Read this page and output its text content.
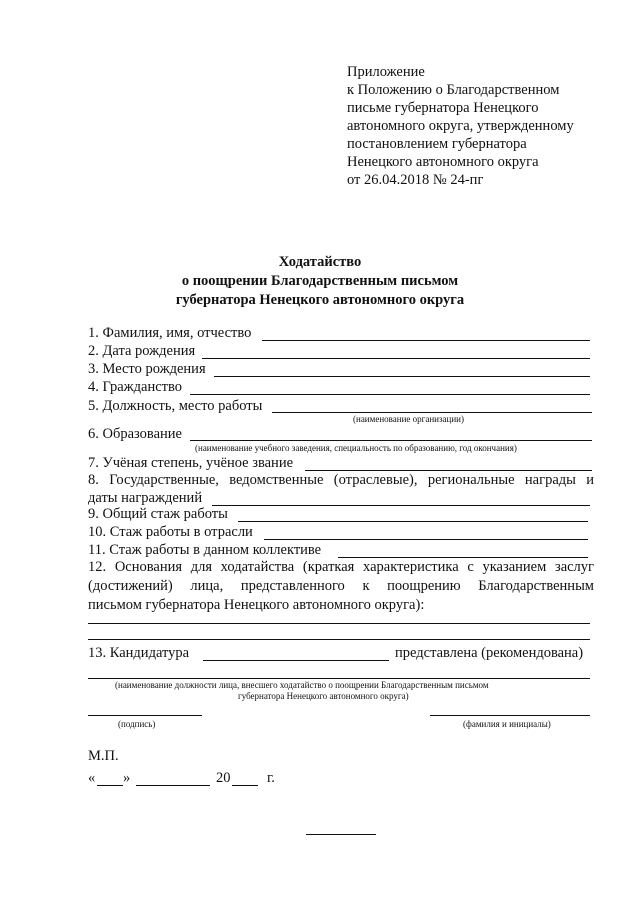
Приложение
к Положению о Благодарственном
письме губернатора Ненецкого
автономного округа, утвержденному
постановлением губернатора
Ненецкого автономного округа
от 26.04.2018 № 24-пг
Ходатайство
о поощрении Благодарственным письмом
губернатора Ненецкого автономного округа
1. Фамилия, имя, отчество
2. Дата рождения
3. Место рождения
4. Гражданство
5. Должность, место работы
(наименование организации)
6. Образование
(наименование учебного заведения, специальность по образованию, год окончания)
7. Учёная степень, учёное звание
8. Государственные, ведомственные (отраслевые), региональные награды и
даты награждений
9. Общий стаж работы
10. Стаж работы в отрасли
11. Стаж работы в данном коллективе
12. Основания для ходатайства (краткая характеристика с указанием заслуг
(достижений) лица, представленного к поощрению Благодарственным
письмом губернатора Ненецкого автономного округа):
13. Кандидатура	представлена (рекомендована)
(наименование должности лица, внесшего ходатайство о поощрении Благодарственным письмом
губернатора Ненецкого автономного округа)
(подпись)	(фамилия и инициалы)
М.П.
« »	20	г.
